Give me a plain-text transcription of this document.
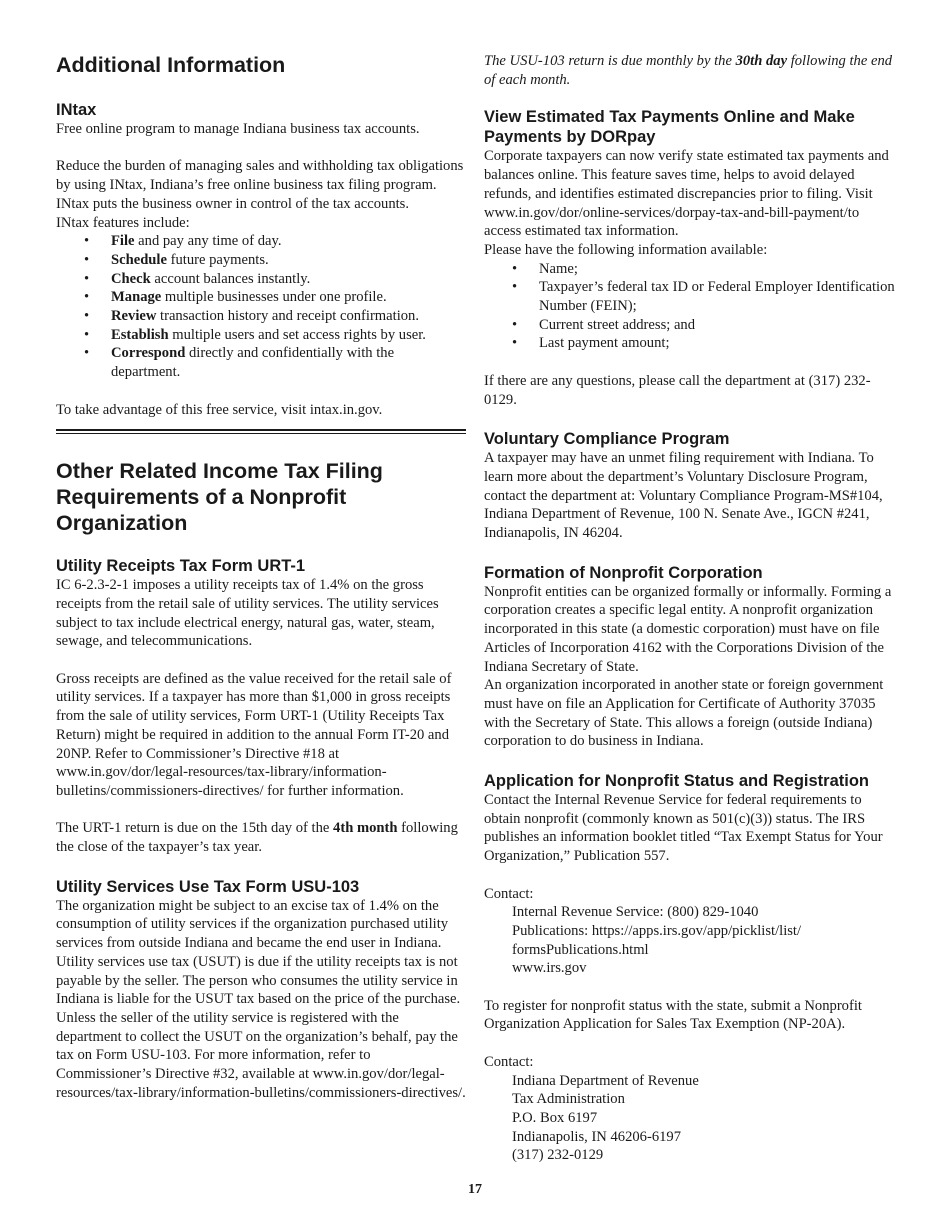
Additional Information
INtax

Free online program to manage Indiana business tax accounts.

Reduce the burden of managing sales and withholding tax obligations by using INtax, Indiana’s free online business tax filing program. INtax puts the business owner in control of the tax accounts.

INtax features include:

• File and pay any time of day.
• Schedule future payments.
• Check account balances instantly.
• Manage multiple businesses under one profile.
• Review transaction history and receipt confirmation.
• Establish multiple users and set access rights by user.
• Correspond directly and confidentially with the department.

To take advantage of this free service, visit intax.in.gov.

Other Related Income Tax Filing Requirements of a Nonprofit Organization
Utility Receipts Tax Form URT-1

IC 6-2.3-2-1 imposes a utility receipts tax of 1.4% on the gross receipts from the retail sale of utility services. The utility services subject to tax include electrical energy, natural gas, water, steam, sewage, and telecommunications.

Gross receipts are defined as the value received for the retail sale of utility services. If a taxpayer has more than $1,000 in gross receipts from the sale of utility services, Form URT-1 (Utility Receipts Tax Return) might be required in addition to the annual Form IT-20 and 20NP. Refer to Commissioner’s Directive #18 at www.in.gov/dor/legal-resources/tax-library/information-bulletins/commissioners-directives/ for further information.

The URT-1 return is due on the 15th day of the 4th month following the close of the taxpayer’s tax year.

Utility Services Use Tax Form USU-103

The organization might be subject to an excise tax of 1.4% on the consumption of utility services if the organization purchased utility services from outside Indiana and became the end user in Indiana. Utility services use tax (USUT) is due if the utility receipts tax is not payable by the seller. The person who consumes the utility service in Indiana is liable for the USUT tax based on the price of the purchase. Unless the seller of the utility service is registered with the department to collect the USUT on the organization’s behalf, pay the tax on Form USU-103. For more information, refer to Commissioner’s Directive #32, available at www.in.gov/dor/legal-resources/tax-library/information-bulletins/commissioners-directives/.

The USU-103 return is due monthly by the 30th day following the end of each month.

View Estimated Tax Payments Online and Make Payments by DORpay

Corporate taxpayers can now verify state estimated tax payments and balances online. This feature saves time, helps to avoid delayed refunds, and identifies estimated discrepancies prior to filing. Visit www.in.gov/dor/online-services/dorpay-tax-and-bill-payment/to access estimated tax information.

Please have the following information available:

• Name;
• Taxpayer’s federal tax ID or Federal Employer Identification Number (FEIN);
• Current street address; and
• Last payment amount;

If there are any questions, please call the department at (317) 232-0129.

Voluntary Compliance Program

A taxpayer may have an unmet filing requirement with Indiana. To learn more about the department’s Voluntary Disclosure Program, contact the department at: Voluntary Compliance Program-MS#104, Indiana Department of Revenue, 100 N. Senate Ave., IGCN #241, Indianapolis, IN 46204.

Formation of Nonprofit Corporation

Nonprofit entities can be organized formally or informally. Forming a corporation creates a specific legal entity. A nonprofit organization incorporated in this state (a domestic corporation) must have on file Articles of Incorporation 4162 with the Corporations Division of the Indiana Secretary of State.

An organization incorporated in another state or foreign government must have on file an Application for Certificate of Authority 37035 with the Secretary of State. This allows a foreign (outside Indiana) corporation to do business in Indiana.

Application for Nonprofit Status and Registration

Contact the Internal Revenue Service for federal requirements to obtain nonprofit (commonly known as 501(c)(3)) status. The IRS publishes an information booklet titled “Tax Exempt Status for Your Organization,” Publication 557.

Contact:

Internal Revenue Service: (800) 829-1040

Publications: https://apps.irs.gov/app/picklist/list/

formsPublications.html

www.irs.gov

To register for nonprofit status with the state, submit a Nonprofit Organization Application for Sales Tax Exemption (NP-20A).

Contact:

Indiana Department of Revenue

Tax Administration

P.O. Box 6197

Indianapolis, IN 46206-6197

(317) 232-0129

17
